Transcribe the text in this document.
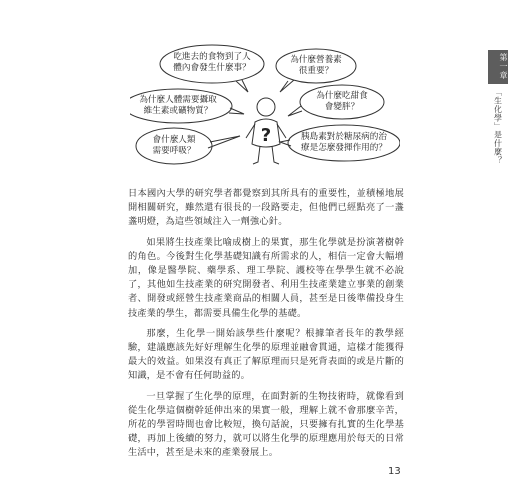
?
吃進去的食物到了人
體內會發生什麼事？
為什麼營養素
很重要？
為什麼人體需要攝取
維生素或礦物質？
為什麼吃甜食
會變胖？
會什麼人類
需要呼吸？
胰島素對於糖尿病的治
療是怎麼發揮作用的？
第一章
「生化學」是什麼？

日本國內大學的研究學者都覺察到其所具有的重要性，並積極地展開相關研究，雖然還有很長的一段路要走，但他們已經點亮了一盞盞明燈，為這些領域注入一劑強心針。

如果將生技產業比喻成樹上的果實，那生化學就是扮演著樹幹的角色。今後對生化學基礎知識有所需求的人，相信一定會大幅增加，像是醫學院、藥學系、理工學院、護校等在學學生就不必說了，其他如生技產業的研究開發者、利用生技產業建立事業的創業者、開發或經營生技產業商品的相關人員，甚至是日後準備投身生技產業的學生，都需要具備生化學的基礎。

那麼，生化學一開始該學些什麼呢？根據筆者長年的教學經驗，建議應該先好好理解生化學的原理並融會貫通，這樣才能獲得最大的效益。如果沒有真正了解原理而只是死背表面的或是片斷的知識，是不會有任何助益的。

一旦掌握了生化學的原理，在面對新的生物技術時，就像看到從生化學這個樹幹延伸出來的果實一般，理解上就不會那麼辛苦，所花的學習時間也會比較短，換句話說，只要擁有扎實的生化學基礎，再加上後續的努力，就可以將生化學的原理應用於每天的日常生活中，甚至是未來的產業發展上。

13
